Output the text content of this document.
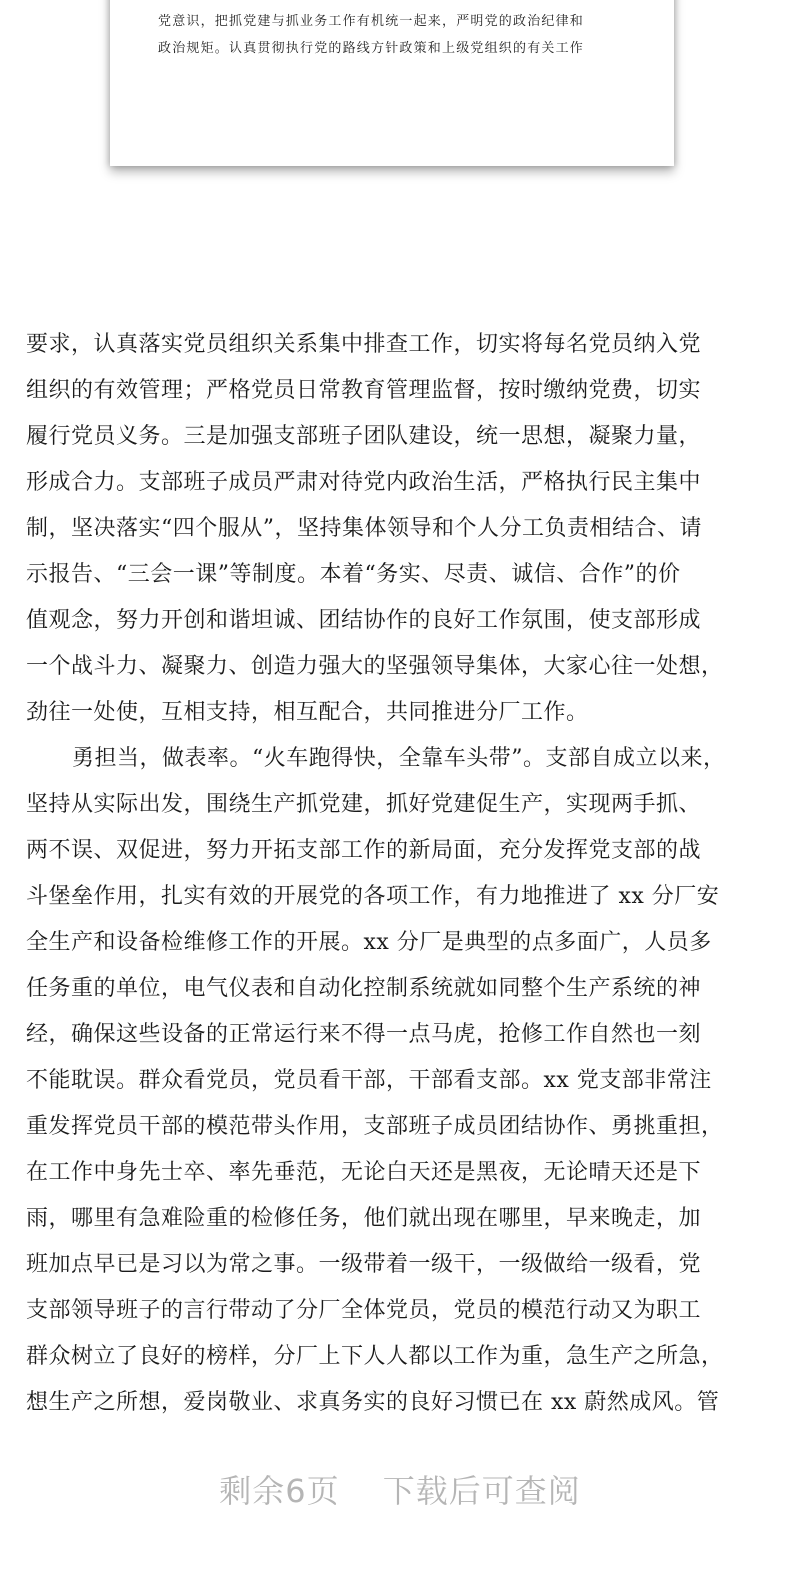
党意识，把抓党建与抓业务工作有机统一起来，严明党的政治纪律和
政治规矩。认真贯彻执行党的路线方针政策和上级党组织的有关工作
要求，认真落实党员组织关系集中排查工作，切实将每名党员纳入党
组织的有效管理；严格党员日常教育管理监督，按时缴纳党费，切实
履行党员义务。三是加强支部班子团队建设，统一思想，凝聚力量，
形成合力。支部班子成员严肃对待党内政治生活，严格执行民主集中
制，坚决落实“四个服从”，坚持集体领导和个人分工负责相结合、请
示报告、“三会一课”等制度。本着“务实、尽责、诚信、合作”的价
值观念，努力开创和谐坦诚、团结协作的良好工作氛围，使支部形成
一个战斗力、凝聚力、创造力强大的坚强领导集体，大家心往一处想，
劲往一处使，互相支持，相互配合，共同推进分厂工作。
勇担当，做表率。“火车跑得快，全靠车头带”。支部自成立以来，
坚持从实际出发，围绕生产抓党建，抓好党建促生产，实现两手抓、
两不误、双促进，努力开拓支部工作的新局面，充分发挥党支部的战
斗堡垒作用，扎实有效的开展党的各项工作，有力地推进了 xx 分厂安
全生产和设备检维修工作的开展。xx 分厂是典型的点多面广，人员多
任务重的单位，电气仪表和自动化控制系统就如同整个生产系统的神
经，确保这些设备的正常运行来不得一点马虎，抢修工作自然也一刻
不能耽误。群众看党员，党员看干部，干部看支部。xx 党支部非常注
重发挥党员干部的模范带头作用，支部班子成员团结协作、勇挑重担，
在工作中身先士卒、率先垂范，无论白天还是黑夜，无论晴天还是下
雨，哪里有急难险重的检修任务，他们就出现在哪里，早来晚走，加
班加点早已是习以为常之事。一级带着一级干，一级做给一级看，党
支部领导班子的言行带动了分厂全体党员，党员的模范行动又为职工
群众树立了良好的榜样，分厂上下人人都以工作为重，急生产之所急，
想生产之所想，爱岗敬业、求真务实的良好习惯已在 xx 蔚然成风。管
剩余6页 下载后可查阅
